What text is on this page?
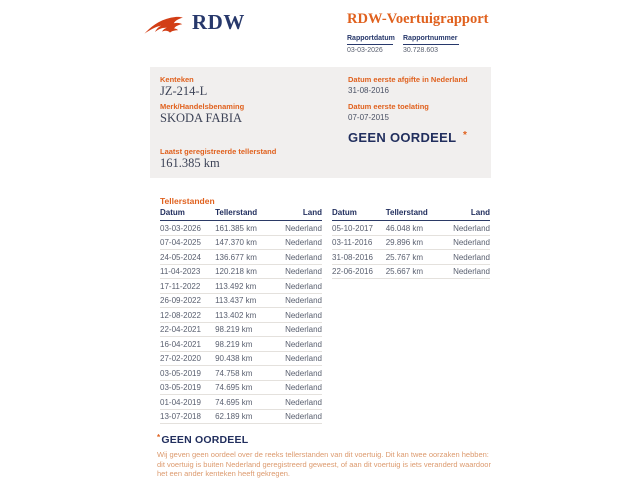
RDW	RDW-Voertuigrapport
Rapportdatum
03-03-2026
Rapportnummer
30.728.603
Kenteken
JZ-214-L
Merk/Handelsbenaming
SKODA FABIA
Laatst geregistreerde tellerstand
161.385 km
Datum eerste afgifte in Nederland
31-08-2016
Datum eerste toelating
07-07-2015
GEEN OORDEEL *
Tellerstanden
Datum	Tellerstand	Land
03-03-2026	161.385 km	Nederland
07-04-2025	147.370 km	Nederland
24-05-2024	136.677 km	Nederland
11-04-2023	120.218 km	Nederland
17-11-2022	113.492 km	Nederland
26-09-2022	113.437 km	Nederland
12-08-2022	113.402 km	Nederland
22-04-2021	98.219 km	Nederland
16-04-2021	98.219 km	Nederland
27-02-2020	90.438 km	Nederland
03-05-2019	74.758 km	Nederland
03-05-2019	74.695 km	Nederland
01-04-2019	74.695 km	Nederland
13-07-2018	62.189 km	Nederland
Datum	Tellerstand	Land
05-10-2017	46.048 km	Nederland
03-11-2016	29.896 km	Nederland
31-08-2016	25.767 km	Nederland
22-06-2016	25.667 km	Nederland
*GEEN OORDEEL
Wij geven geen oordeel over de reeks tellerstanden van dit voertuig. Dit kan twee oorzaken hebben: dit voertuig is buiten Nederland geregistreerd geweest, of aan dit voertuig is iets veranderd waardoor het een ander kenteken heeft gekregen.
